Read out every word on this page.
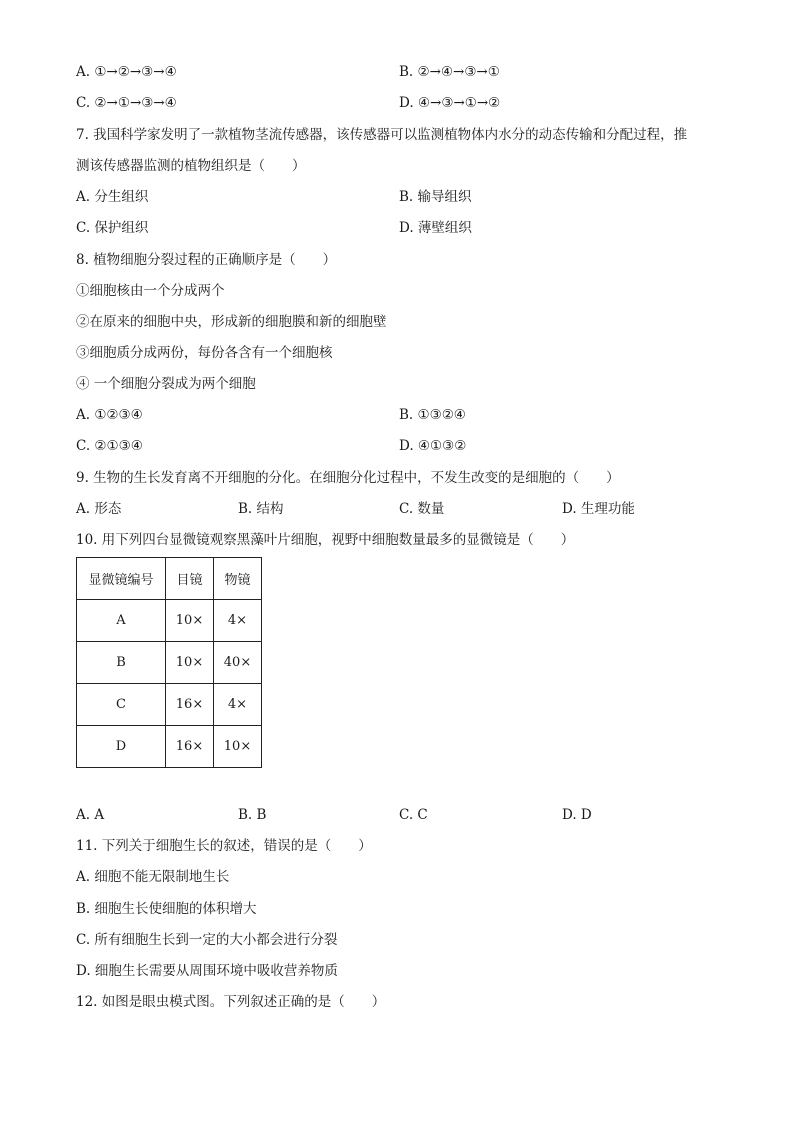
A. ①→②→③→④	B. ②→④→③→①
C. ②→①→③→④	D. ④→③→①→②
7. 我国科学家发明了一款植物茎流传感器，该传感器可以监测植物体内水分的动态传输和分配过程，推
测该传感器监测的植物组织是（　　）
A. 分生组织	B. 输导组织
C. 保护组织	D. 薄壁组织
8. 植物细胞分裂过程的正确顺序是（　　）
①细胞核由一个分成两个
②在原来的细胞中央，形成新的细胞膜和新的细胞壁
③细胞质分成两份，每份各含有一个细胞核
④ 一个细胞分裂成为两个细胞
A. ①②③④	B. ①③②④
C. ②①③④	D. ④①③②
9. 生物的生长发育离不开细胞的分化。在细胞分化过程中，不发生改变的是细胞的（　　）
A. 形态	B. 结构	C. 数量	D. 生理功能
10. 用下列四台显微镜观察黑藻叶片细胞，视野中细胞数量最多的显微镜是（　　）
显微镜编号	目镜	物镜
A	10×	4×
B	10×	40×
C	16×	4×
D	16×	10×
A. A	B. B	C. C	D. D
11. 下列关于细胞生长的叙述，错误的是（　　）
A. 细胞不能无限制地生长
B. 细胞生长使细胞的体积增大
C. 所有细胞生长到一定的大小都会进行分裂
D. 细胞生长需要从周围环境中吸收营养物质
12. 如图是眼虫模式图。下列叙述正确的是（　　）
